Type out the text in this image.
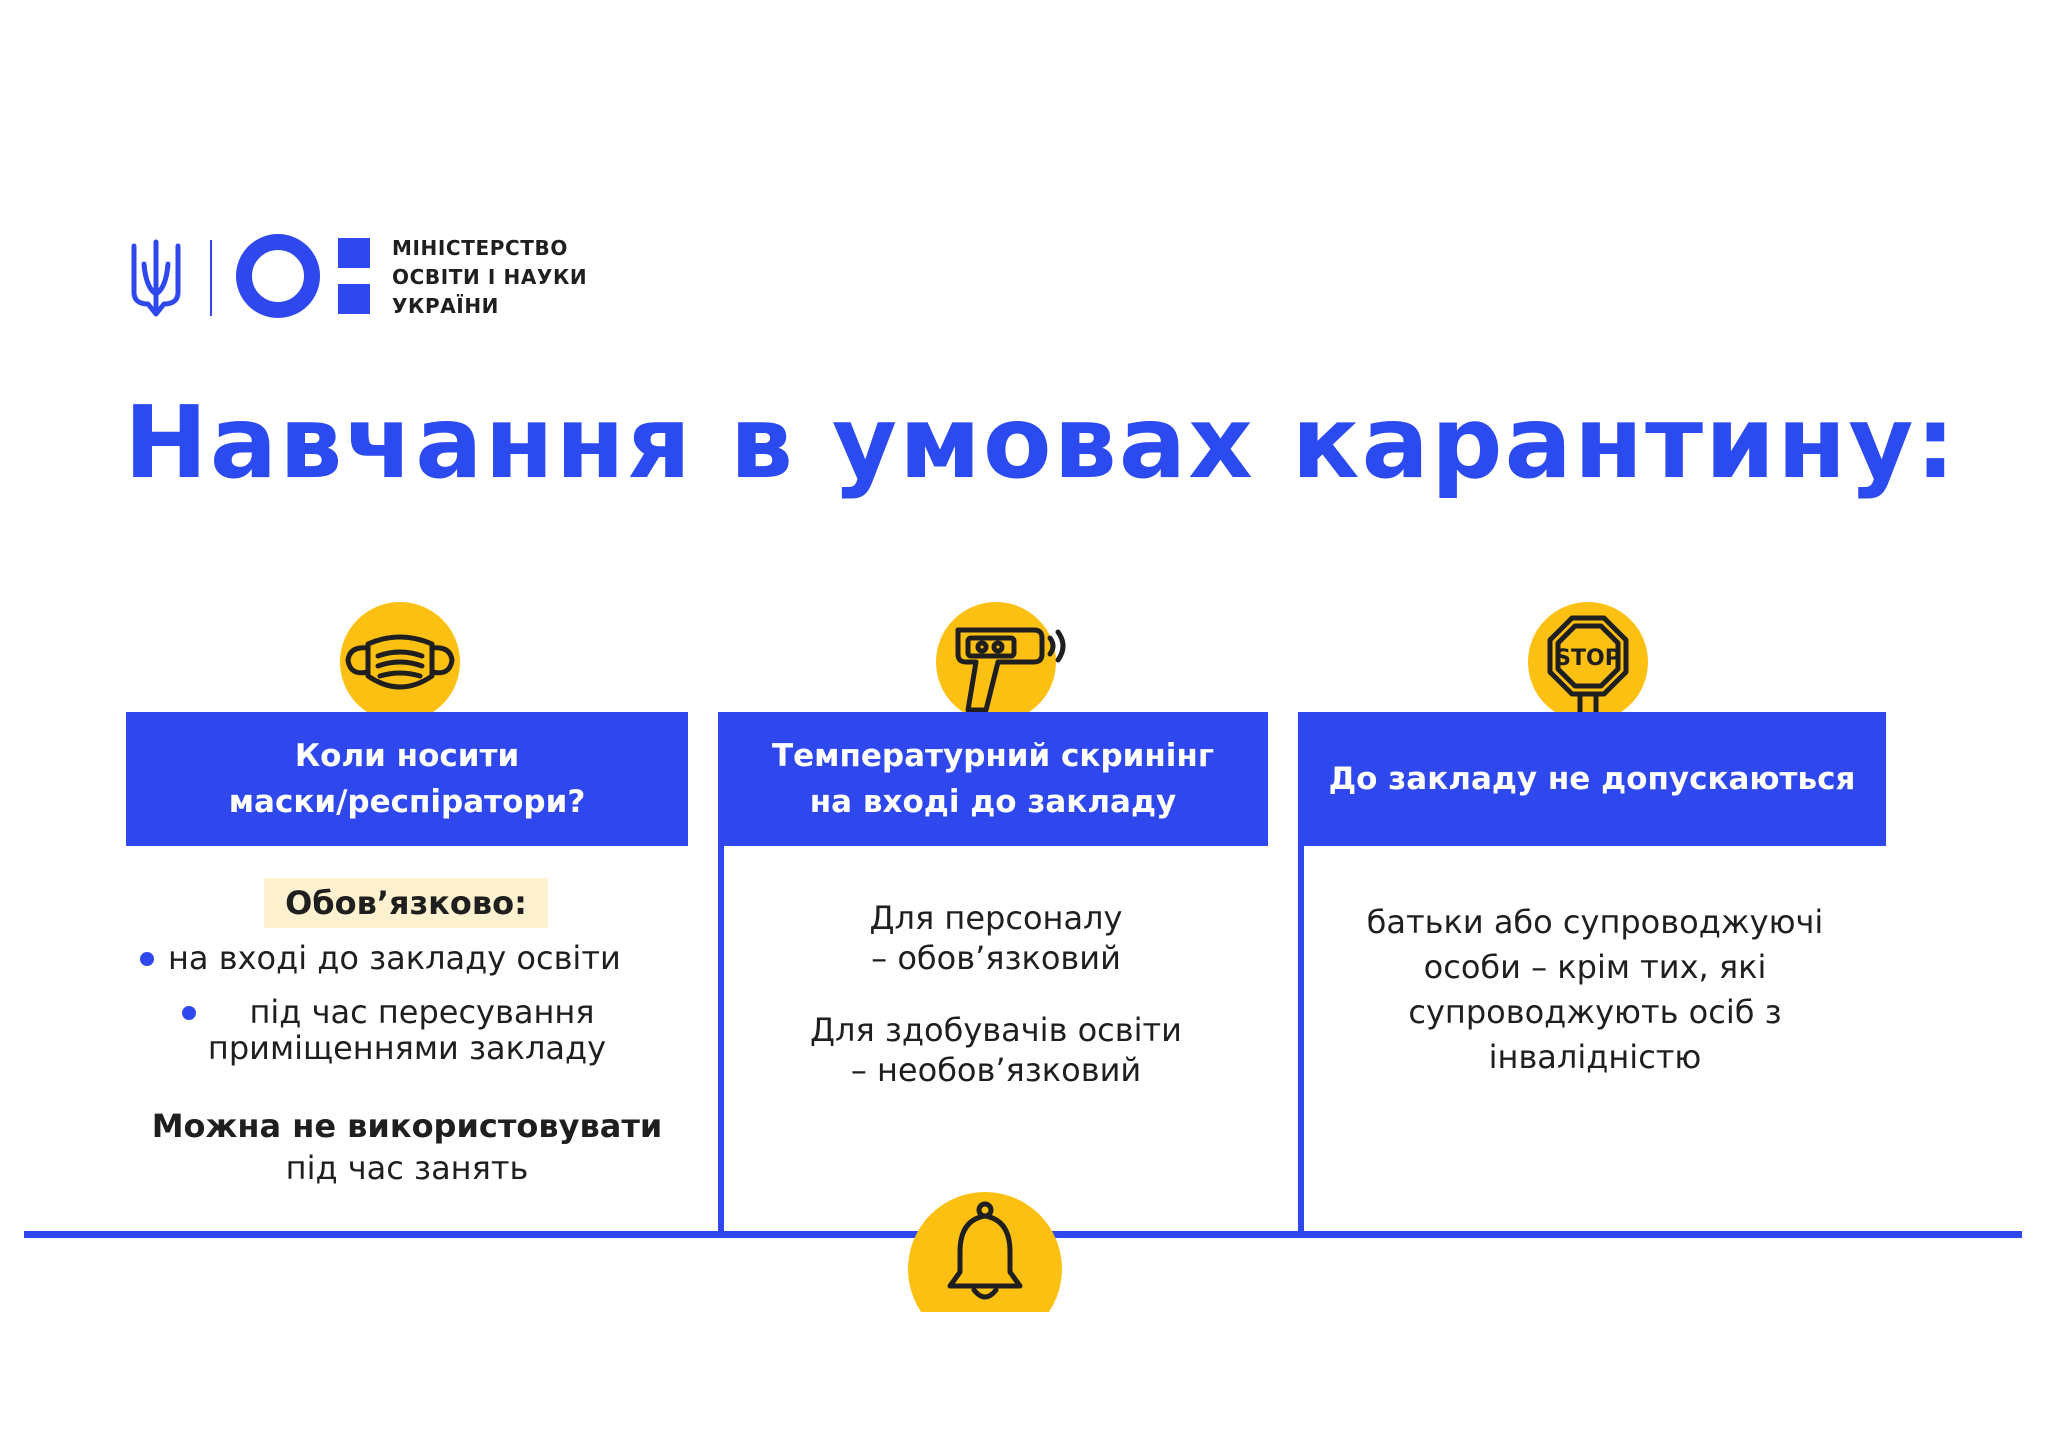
МІНІСТЕРСТВО
ОСВІТИ І НАУКИ
УКРАЇНИ
Навчання в умовах карантину:
STOP
Коли носити
маски/респіратори?
Температурний скринінг
на вході до закладу
До закладу не допускаються
Обов’язково:
на вході до закладу освіти
під час пересування
приміщеннями закладу
Можна не використовувати
під час занять
Для персоналу
– обов’язковий
Для здобувачів освіти
– необов’язковий
батьки або супроводжуючі
особи – крім тих, які
супроводжують осіб з
інвалідністю
